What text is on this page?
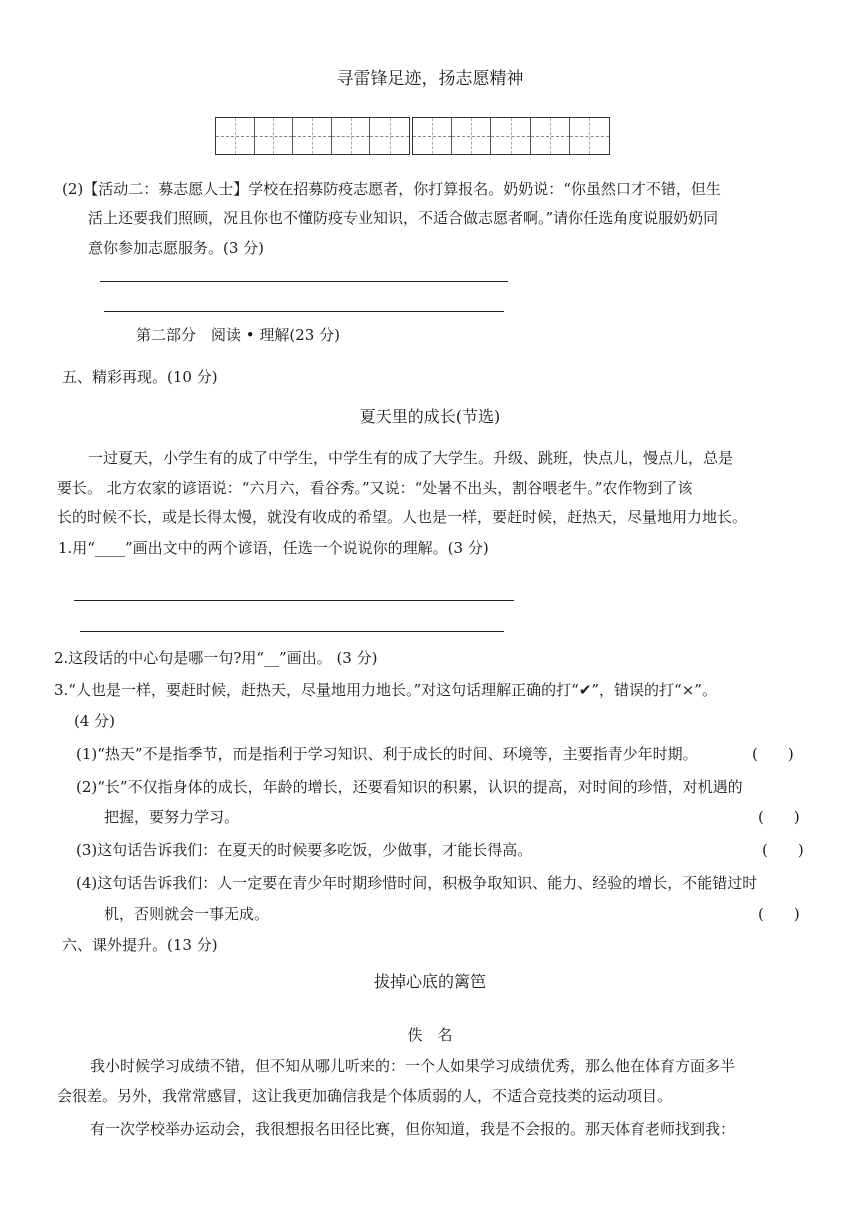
寻雷锋足迹，扬志愿精神
(2)【活动二：募志愿人士】学校在招募防疫志愿者，你打算报名。奶奶说：“你虽然口才不错，但生
活上还要我们照顾，况且你也不懂防疫专业知识，不适合做志愿者啊。”请你任选角度说服奶奶同
意你参加志愿服务。(3 分)
第二部分　阅读 • 理解(23 分)
五、精彩再现。(10 分)
夏天里的成长(节选)
一过夏天，小学生有的成了中学生，中学生有的成了大学生。升级、跳班，快点儿，慢点儿，总是
要长。 北方农家的谚语说：“六月六，看谷秀。”又说：“处暑不出头，割谷喂老牛。”农作物到了该
长的时候不长，或是长得太慢，就没有收成的希望。人也是一样，要赶时候，赶热天，尽量地用力地长。
1.用“____”画出文中的两个谚语，任选一个说说你的理解。(3 分)
2.这段话的中心句是哪一句?用“__”画出。 (3 分)
3.“人也是一样，要赶时候，赶热天，尽量地用力地长。”对这句话理解正确的打“✔”，错误的打“×”。
(4 分)
(1)“热天”不是指季节，而是指利于学习知识、利于成长的时间、环境等，主要指青少年时期。	(　　)
(2)“长”不仅指身体的成长，年龄的增长，还要看知识的积累，认识的提高，对时间的珍惜，对机遇的
把握，要努力学习。	(　　)
(3)这句话告诉我们：在夏天的时候要多吃饭，少做事，才能长得高。	(　　)
(4)这句话告诉我们：人一定要在青少年时期珍惜时间，积极争取知识、能力、经验的增长，不能错过时
机，否则就会一事无成。	(　　)
六、课外提升。(13 分)
拔掉心底的篱笆
佚　名
我小时候学习成绩不错，但不知从哪儿听来的：一个人如果学习成绩优秀，那么他在体育方面多半
会很差。另外，我常常感冒，这让我更加确信我是个体质弱的人，不适合竞技类的运动项目。
有一次学校举办运动会，我很想报名田径比赛，但你知道，我是不会报的。那天体育老师找到我：
